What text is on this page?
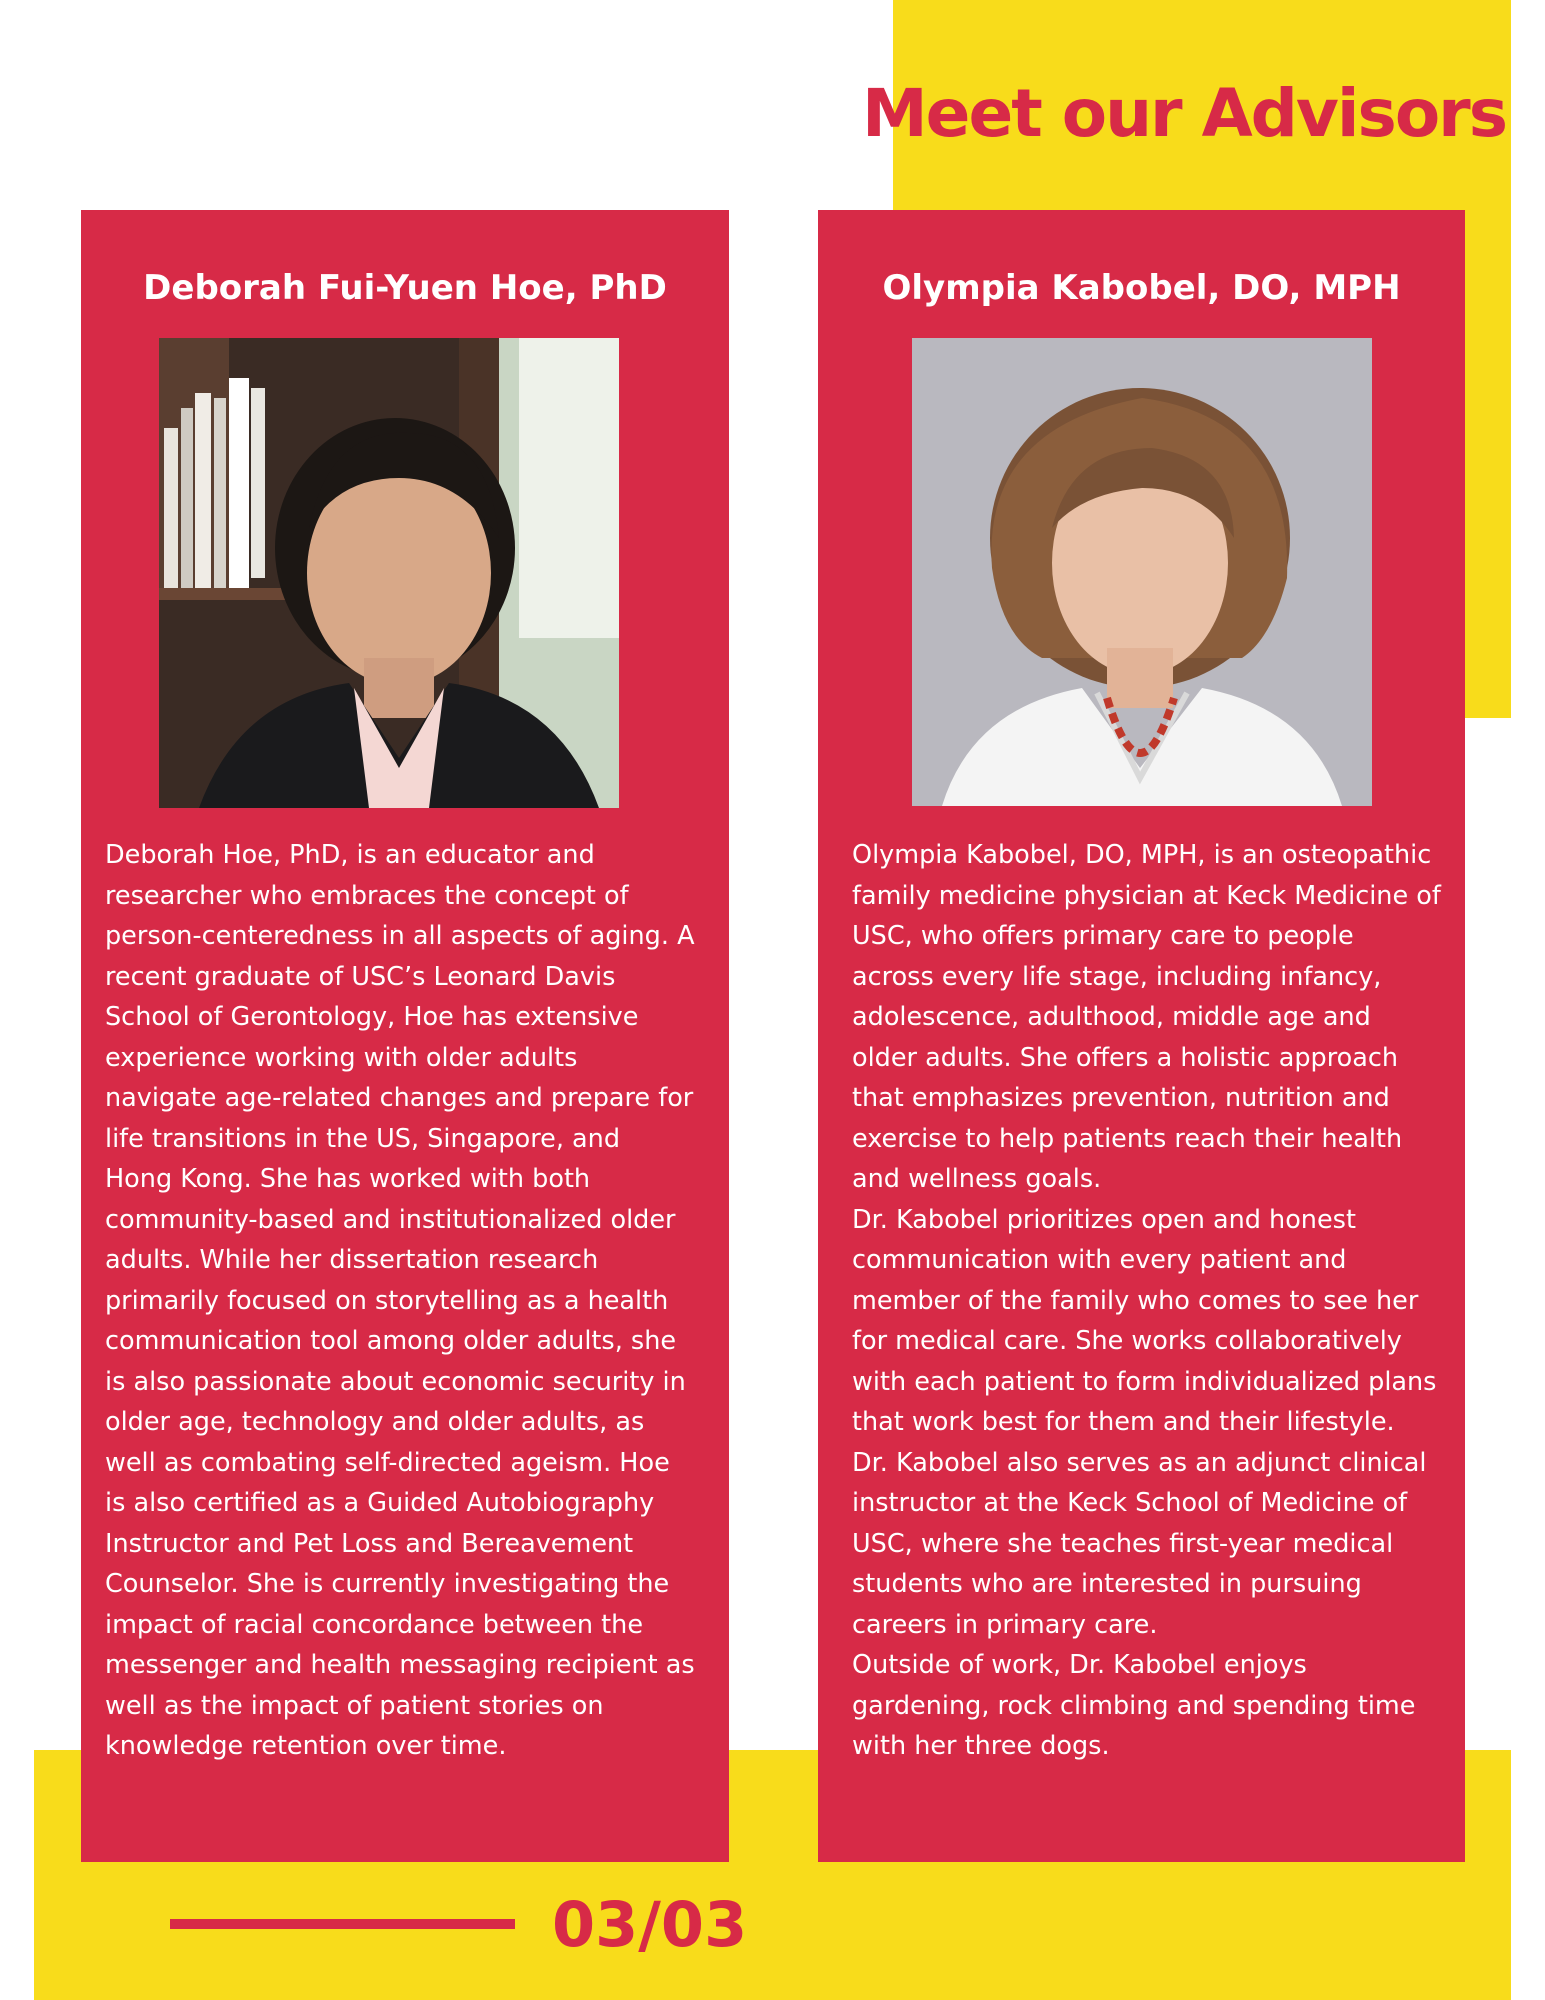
Meet our Advisors
Deborah Fui-Yuen Hoe, PhD

Deborah Hoe, PhD, is an educator and researcher who embraces the concept of person-centeredness in all aspects of aging. A recent graduate of USC’s Leonard Davis School of Gerontology, Hoe has extensive experience working with older adults navigate age-related changes and prepare for life transitions in the US, Singapore, and Hong Kong. She has worked with both community-based and institutionalized older adults. While her dissertation research primarily focused on storytelling as a health communication tool among older adults, she is also passionate about economic security in older age, technology and older adults, as well as combating self-directed ageism. Hoe is also certified as a Guided Autobiography Instructor and Pet Loss and Bereavement Counselor. She is currently investigating the impact of racial concordance between the messenger and health messaging recipient as well as the impact of patient stories on knowledge retention over time.

Olympia Kabobel, DO, MPH

Olympia Kabobel, DO, MPH, is an osteopathic family medicine physician at Keck Medicine of USC, who offers primary care to people across every life stage, including infancy, adolescence, adulthood, middle age and older adults. She offers a holistic approach that emphasizes prevention, nutrition and exercise to help patients reach their health and wellness goals.

Dr. Kabobel prioritizes open and honest communication with every patient and member of the family who comes to see her for medical care. She works collaboratively with each patient to form individualized plans that work best for them and their lifestyle.

Dr. Kabobel also serves as an adjunct clinical instructor at the Keck School of Medicine of USC, where she teaches first-year medical students who are interested in pursuing careers in primary care.

Outside of work, Dr. Kabobel enjoys gardening, rock climbing and spending time with her three dogs.

03/03
